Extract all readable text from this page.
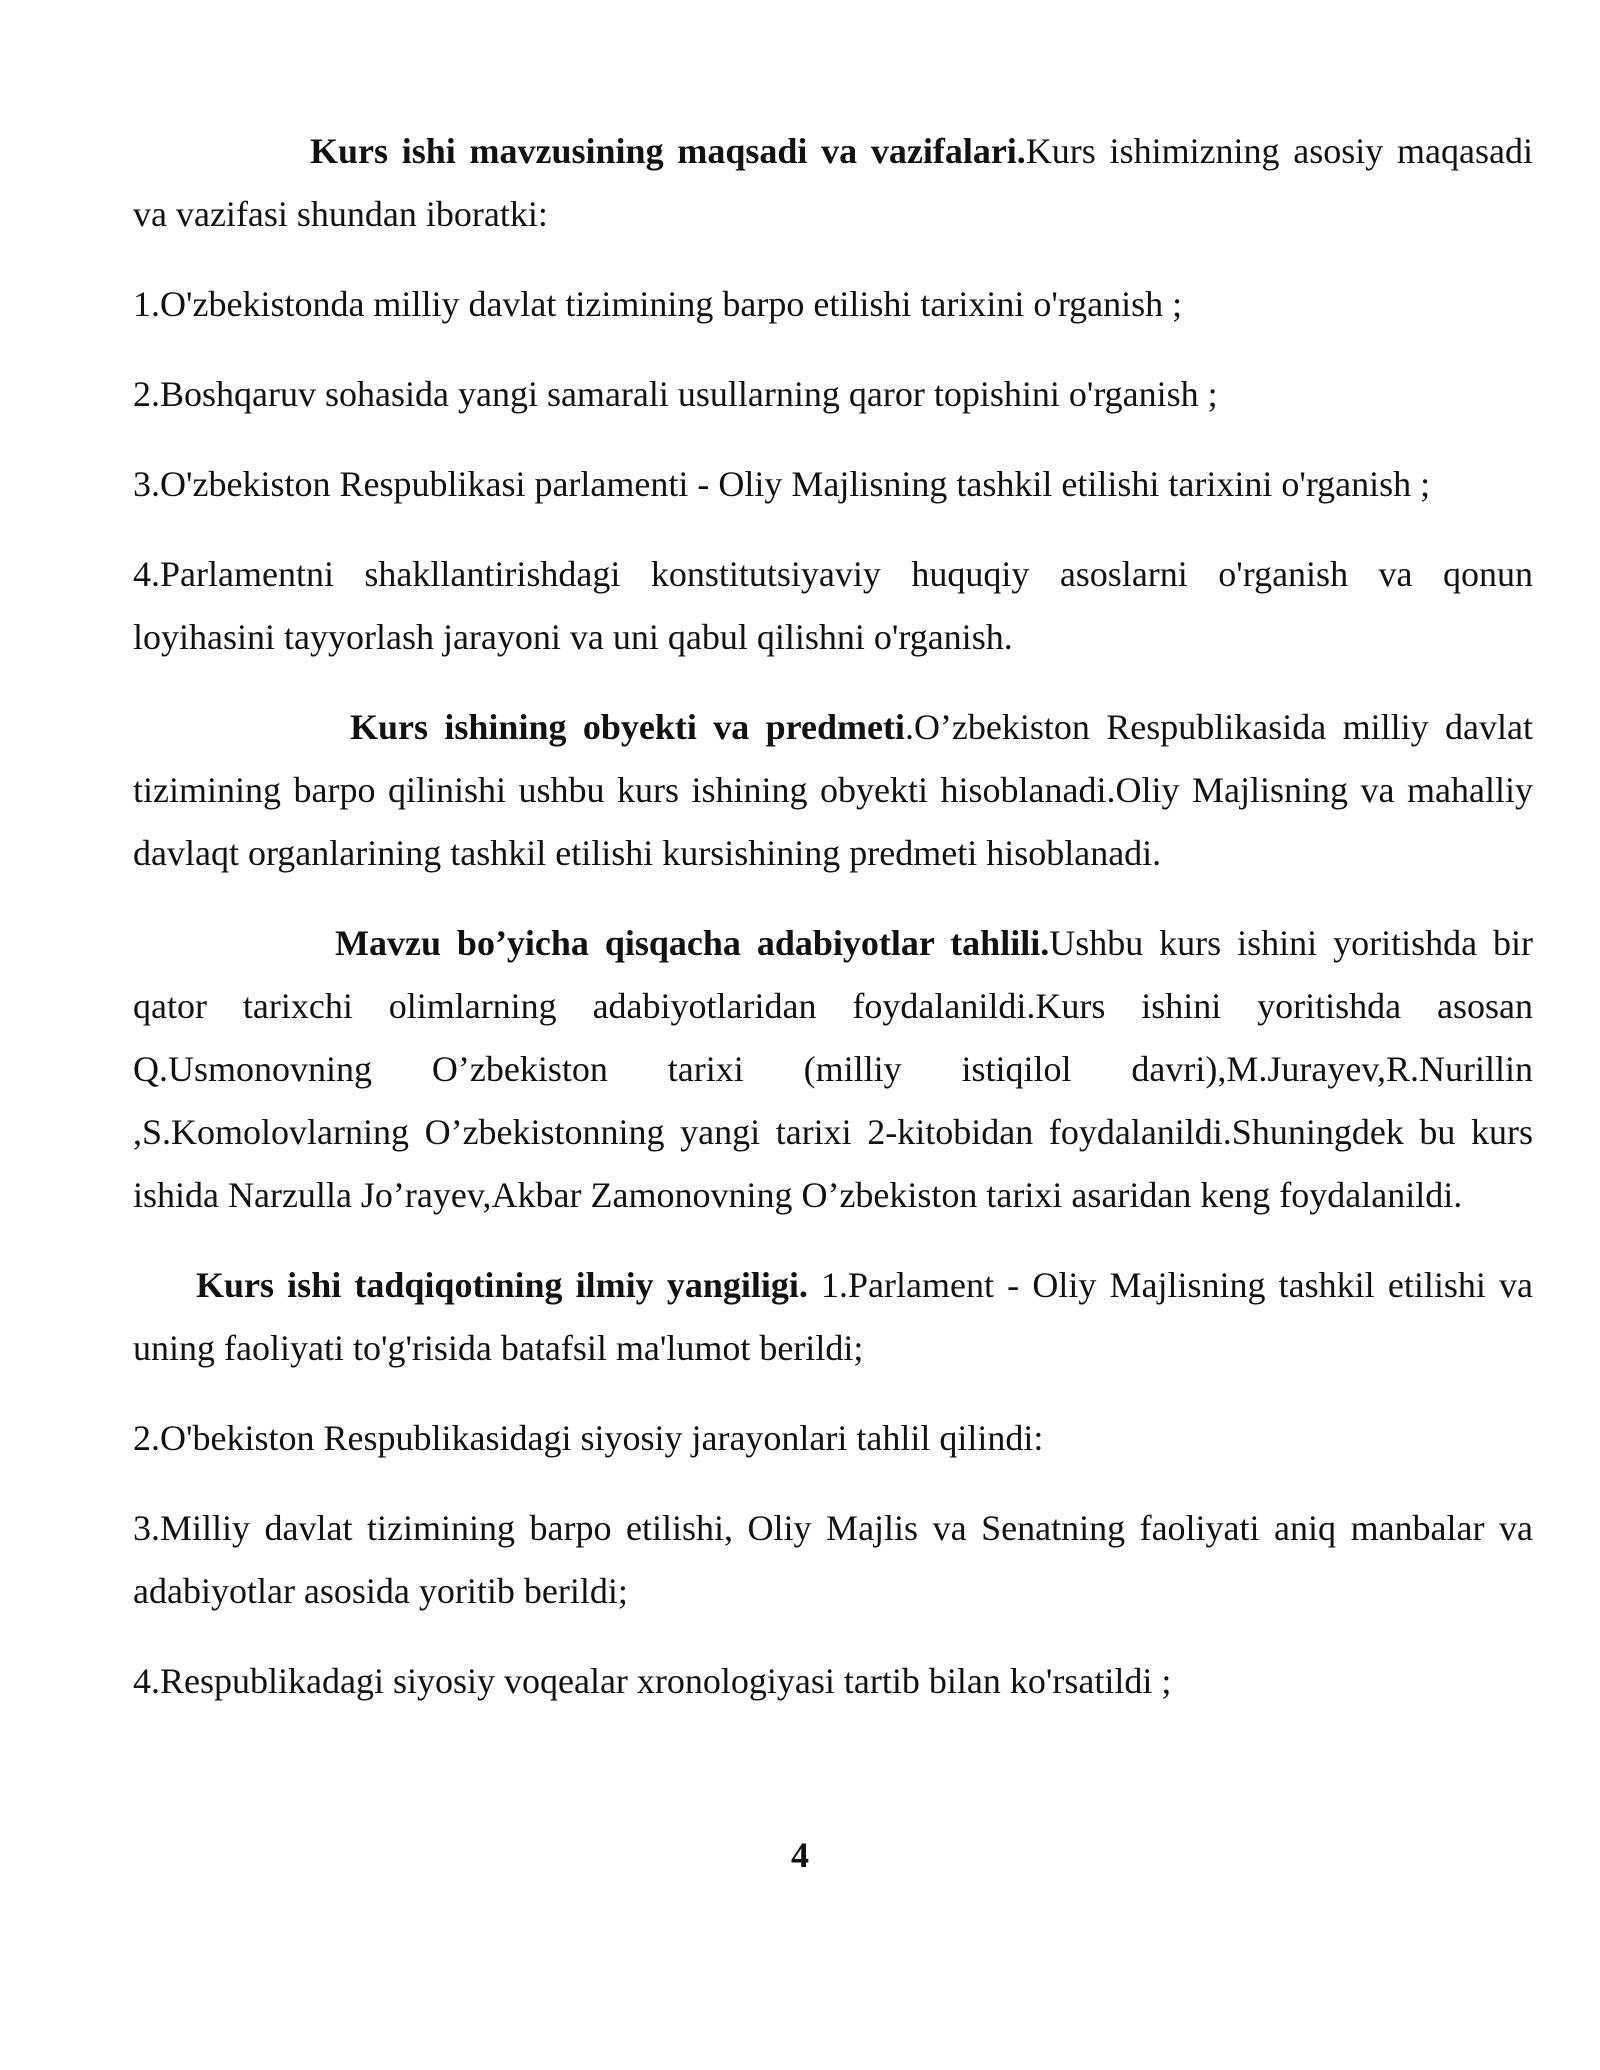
Kurs ishi mavzusining maqsadi va vazifalari.Kurs ishimizning asosiy maqasadi va vazifasi shundan iboratki:

1.O'zbekistonda milliy davlat tizimining barpo etilishi tarixini o'rganish ;

2.Boshqaruv sohasida yangi samarali usullarning qaror topishini o'rganish ;

3.O'zbekiston Respublikasi parlamenti - Oliy Majlisning tashkil etilishi tarixini o'rganish ;

4.Parlamentni shakllantirishdagi konstitutsiyaviy huquqiy asoslarni o'rganish va qonun loyihasini tayyorlash jarayoni va uni qabul qilishni o'rganish.

Kurs ishining obyekti va predmeti.O’zbekiston Respublikasida milliy davlat tizimining barpo qilinishi ushbu kurs ishining obyekti hisoblanadi.Oliy Majlisning va mahalliy davlaqt organlarining tashkil etilishi kursishining predmeti hisoblanadi.

Mavzu bo’yicha qisqacha adabiyotlar tahlili.Ushbu kurs ishini yoritishda bir qator tarixchi olimlarning adabiyotlaridan foydalanildi.Kurs ishini yoritishda asosan Q.Usmonovning O’zbekiston tarixi (milliy istiqilol davri),M.Jurayev,R.Nurillin ,S.Komolovlarning O’zbekistonning yangi tarixi 2-kitobidan foydalanildi.Shuningdek bu kurs ishida Narzulla Jo’rayev,Akbar Zamonovning O’zbekiston tarixi asaridan keng foydalanildi.

Kurs ishi tadqiqotining ilmiy yangiligi. 1.Parlament - Oliy Majlisning tashkil etilishi va uning faoliyati to'g'risida batafsil ma'lumot berildi;

2.O'bekiston Respublikasidagi siyosiy jarayonlari tahlil qilindi:

3.Milliy davlat tizimining barpo etilishi, Oliy Majlis va Senatning faoliyati aniq manbalar va adabiyotlar asosida yoritib berildi;

4.Respublikadagi siyosiy voqealar xronologiyasi tartib bilan ko'rsatildi ;

4
